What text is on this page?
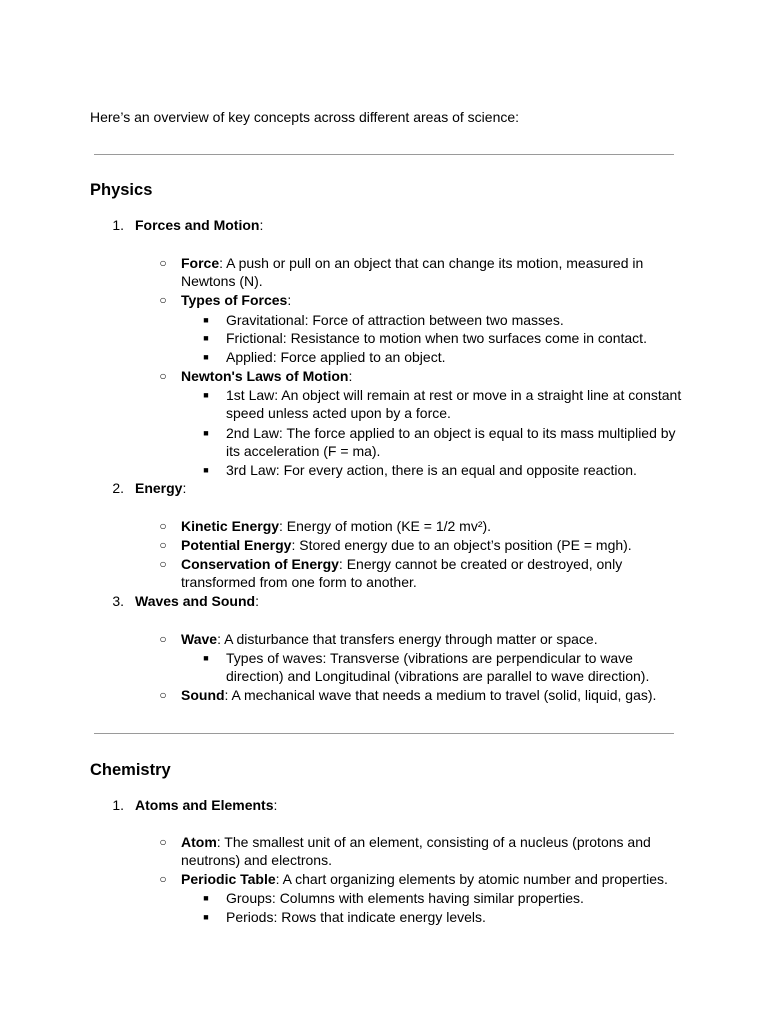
Here’s an overview of key concepts across different areas of science:
Physics
1. Forces and Motion:
○ Force: A push or pull on an object that can change its motion, measured in
Newtons (N).
○ Types of Forces:
■ Gravitational: Force of attraction between two masses.
■ Frictional: Resistance to motion when two surfaces come in contact.
■ Applied: Force applied to an object.
○ Newton's Laws of Motion:
■ 1st Law: An object will remain at rest or move in a straight line at constant
speed unless acted upon by a force.
■ 2nd Law: The force applied to an object is equal to its mass multiplied by
its acceleration (F = ma).
■ 3rd Law: For every action, there is an equal and opposite reaction.
2. Energy:
○ Kinetic Energy: Energy of motion (KE = 1/2 mv²).
○ Potential Energy: Stored energy due to an object’s position (PE = mgh).
○ Conservation of Energy: Energy cannot be created or destroyed, only
transformed from one form to another.
3. Waves and Sound:
○ Wave: A disturbance that transfers energy through matter or space.
■ Types of waves: Transverse (vibrations are perpendicular to wave
direction) and Longitudinal (vibrations are parallel to wave direction).
○ Sound: A mechanical wave that needs a medium to travel (solid, liquid, gas).
Chemistry
1. Atoms and Elements:
○ Atom: The smallest unit of an element, consisting of a nucleus (protons and
neutrons) and electrons.
○ Periodic Table: A chart organizing elements by atomic number and properties.
■ Groups: Columns with elements having similar properties.
■ Periods: Rows that indicate energy levels.
